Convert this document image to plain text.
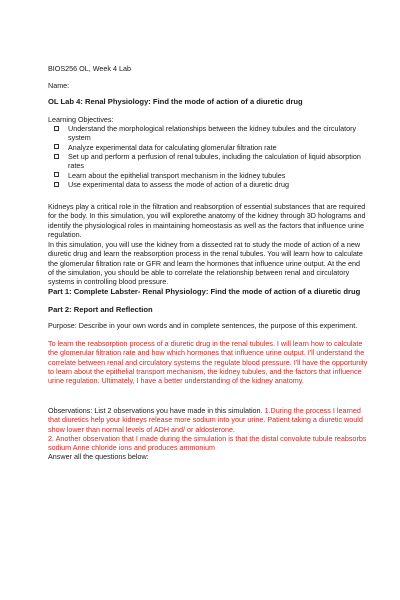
BIOS256 OL, Week 4 Lab

Name:

OL Lab 4: Renal Physiology: Find the mode of action of a diuretic drug

Learning Objectives:

Understand the morphological relationships between the kidney tubules and the circulatory system
Analyze experimental data for calculating glomerular filtration rate
Set up and perform a perfusion of renal tubules, including the calculation of liquid absorption rates
Learn about the epithelial transport mechanism in the kidney tubules
Use experimental data to assess the mode of action of a diuretic drug

Kidneys play a critical role in the filtration and reabsorption of essential substances that are required for the body. In this simulation, you will explorethe anatomy of the kidney through 3D holograms and identify the physiological roles in maintaining homeostasis as well as the factors that influence urine regulation.

In this simulation, you will use the kidney from a dissected rat to study the mode of action of a new diuretic drug and learn the reabsorption process in the renal tubules. You will learn how to calculate the glomerular filtration rate or GFR and learn the hormones that influence urine output. At the end of the simulation, you should be able to correlate the relationship between renal and circulatory systems in controlling blood pressure.

Part 1: Complete Labster- Renal Physiology: Find the mode of action of a diuretic drug

Part 2: Report and Reflection

Purpose: Describe in your own words and in complete sentences, the purpose of this experiment.

To learn the reabsorption process of a diuretic drug in the renal tubules. I will learn how to calculate the glomerular filtration rate and how which hormones that influence urine output. I'll understand the correlate between renal and circulatory systems the regulate blood pressure. I'll have the opportunity to learn about the epithelial transport mechanism, the kidney tubules, and the factors that influence urine regulation. Ultimately, I have a better understanding of the kidney anatomy.

Observations: List 2 observations you have made in this simulation. 1.During the process I learned that diuretics help your kidneys release more sodium into your urine. Patient taking a diuretic would show lower than normal levels of ADH and/ or aldosterone.

2. Another observation that I made during the simulation is that the distal convolute tubule reabsorbs sodium Anne chloride ions and produces ammonium

Answer all the questions below:
